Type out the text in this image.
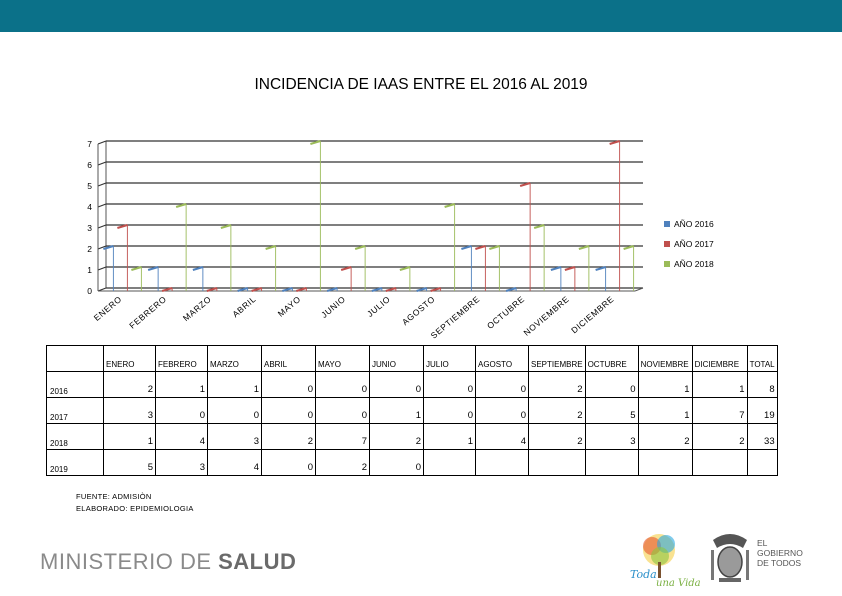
INCIDENCIA DE IAAS ENTRE EL 2016 AL 2019
0
1
2
3
4
5
6
7
ENERO FEBRERO MARZO ABRIL MAYO JUNIO JULIO AGOSTO
SEPTIEMBRE OCTUBRE
NOVIEMBRE
DICIEMBRE
AÑO 2016
AÑO 2017
AÑO 2018
	ENERO	FEBRERO	MARZO	ABRIL	MAYO	JUNIO	JULIO	AGOSTO	SEPTIEMBRE	OCTUBRE	NOVIEMBRE	DICIEMBRE	TOTAL
2016	2	1	1	0	0	0	0	0	2	0	1	1	8
2017	3	0	0	0	0	1	0	0	2	5	1	7	19
2018	1	4	3	2	7	2	1	4	2	3	2	2	33
2019	5	3	4	0	2	0							
FUENTE: ADMISIÒN
ELABORADO: EPIDEMIOLOGIA
MINISTERIO DE SALUD
Toda
una Vida
EL
GOBIERNO
DE TODOS
